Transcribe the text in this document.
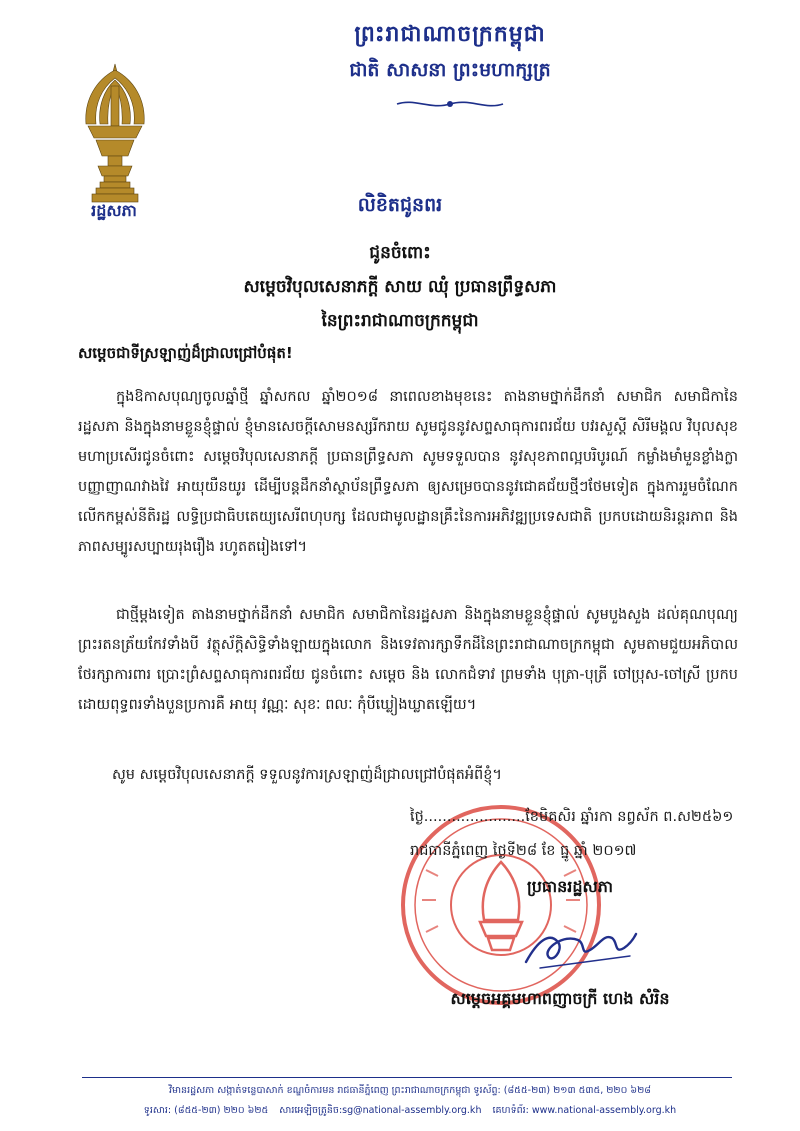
រដ្ឋសភា
ព្រះរាជាណាចក្រកម្ពុជា
ជាតិ សាសនា ព្រះមហាក្សត្រ
លិខិតជូនពរ
ជូនចំពោះ
សម្ដេចវិបុលសេនាភក្ដី សាយ ឈុំ ប្រធានព្រឹទ្ធសភា
នៃព្រះរាជាណាចក្រកម្ពុជា
សម្ដេចជាទីស្រឡាញ់ដ៏ជ្រាលជ្រៅបំផុត!
ក្នុងឱកាសបុណ្យចូលឆ្នាំថ្មី ឆ្នាំសកល ឆ្នាំ២០១៨ នាពេលខាងមុខនេះ តាងនាមថ្នាក់ដឹកនាំ សមាជិក សមាជិកានៃរដ្ឋសភា និងក្នុងនាមខ្លួនខ្ញុំផ្ទាល់ ខ្ញុំមានសេចក្ដីសោមនស្សរីករាយ សូមជូននូវសព្ទសាធុការពរជ័យ បវរសួស្ដី សិរីមង្គល វិបុលសុខ មហាប្រសើរជូនចំពោះ សម្ដេចវិបុលសេនាភក្ដី ប្រធានព្រឹទ្ធសភា សូមទទួលបាន នូវសុខភាពល្អបរិបូរណ៍ កម្លាំងមាំមួនខ្លាំងក្លា បញ្ញាញាណវាងវៃ អាយុយឺនយូរ ដើម្បីបន្តដឹកនាំស្ថាប័នព្រឹទ្ធសភា ឲ្យសម្រេចបាននូវជោគជ័យថ្មីៗថែមទៀត ក្នុងការរួមចំណែកលើកកម្ពស់នីតិរដ្ឋ លទ្ធិប្រជាធិបតេយ្យសេរីពហុបក្ស ដែលជាមូលដ្ឋានគ្រឹះនៃការអភិវឌ្ឍប្រទេសជាតិ ប្រកបដោយនិរន្តរភាព និងភាពសម្បូរសប្បាយរុងរឿង រហូតតរៀងទៅ។
ជាថ្មីម្ដងទៀត តាងនាមថ្នាក់ដឹកនាំ សមាជិក សមាជិកានៃរដ្ឋសភា និងក្នុងនាមខ្លួនខ្ញុំផ្ទាល់ សូមបួងសួង ដល់គុណបុណ្យព្រះរតនត្រ័យកែវទាំងបី វត្ថុស័ក្ដិសិទ្ធិទាំងឡាយក្នុងលោក និងទេវតារក្សាទឹកដីនៃព្រះរាជាណាចក្រកម្ពុជា សូមតាមជួយអភិបាលថែរក្សាការពារ ប្រោះព្រំសព្ទសាធុការពរជ័យ ជូនចំពោះ សម្ដេច និង លោកជំទាវ ព្រមទាំង បុត្រា-បុត្រី ចៅប្រុស-ចៅស្រី ប្រកបដោយពុទ្ធពរទាំងបួនប្រការគឺ អាយុ វណ្ណៈ សុខៈ ពលៈ កុំបីឃ្លៀងឃ្លាតឡើយ។
សូម សម្ដេចវិបុលសេនាភក្ដី ទទួលនូវការស្រឡាញ់ដ៏ជ្រាលជ្រៅបំផុតអំពីខ្ញុំ។
ថ្ងៃ......................ខែមិគសិរ ឆ្នាំរកា នព្វស័ក ព.ស២៥៦១
រាជធានីភ្នំពេញ ថ្ងៃទី២៨ ខែ ធ្នូ ឆ្នាំ ២០១៧
ប្រធានរដ្ឋសភា
សម្ដេចអគ្គមហាពញាចក្រី ហេង សំរិន
វិមានរដ្ឋសភា សង្កាត់ទន្លេបាសាក់ ខណ្ឌចំការមន រាជធានីភ្នំពេញ ព្រះរាជាណាចក្រកម្ពុជា ទូរស័ព្ទ: (៨៥៥-២៣) ២១៣ ៥៣៥, ២២០ ៦២៨
ទូរសារ: (៨៥៥-២៣) ២២០ ៦២៥ សារអេឡិចត្រូនិច:sg@national-assembly.org.kh គេហទំព័រ: www.national-assembly.org.kh
